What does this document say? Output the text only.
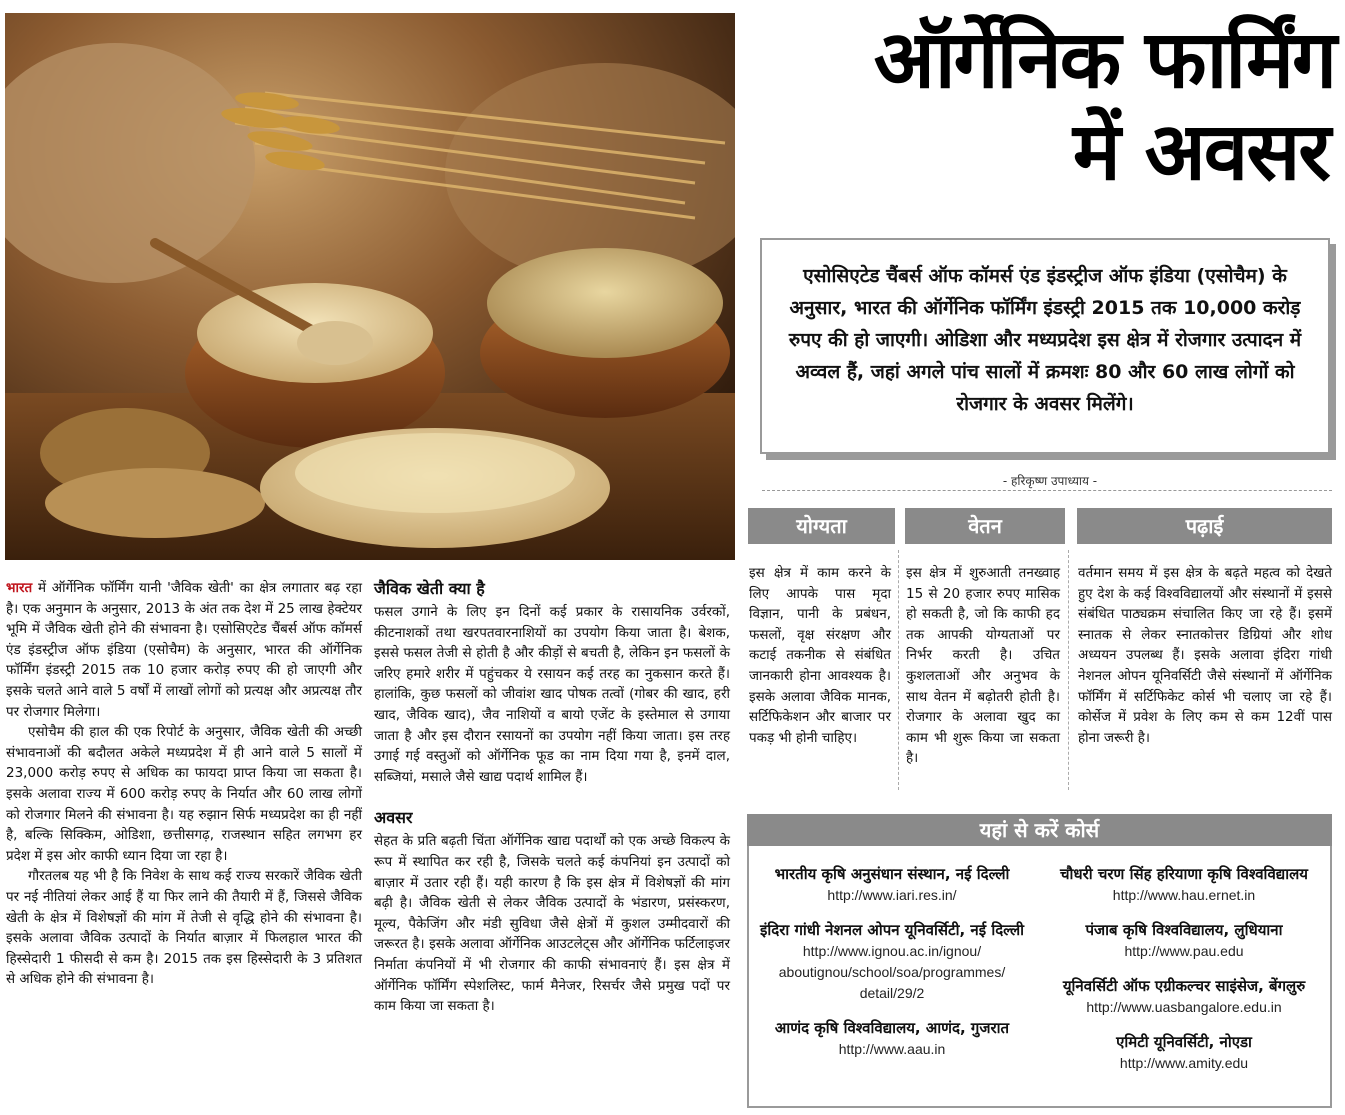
ऑर्गेनिक फार्मिंग
में अवसर

एसोसिएटेड चैंबर्स ऑफ कॉमर्स एंड इंडस्ट्रीज ऑफ इंडिया (एसोचैम) के अनुसार, भारत की ऑर्गेनिक फॉर्मिंग इंडस्ट्री 2015 तक 10,000 करोड़ रुपए की हो जाएगी। ओडिशा और मध्यप्रदेश इस क्षेत्र में रोजगार उत्पादन में अव्वल हैं, जहां अगले पांच सालों में क्रमशः 80 और 60 लाख लोगों को रोजगार के अवसर मिलेंगे।

- हरिकृष्ण उपाध्याय -
योग्यता	वेतन	पढ़ाई

भारत में ऑर्गेनिक फॉर्मिंग यानी 'जैविक खेती' का क्षेत्र लगातार बढ़ रहा है। एक अनुमान के अनुसार, 2013 के अंत तक देश में 25 लाख हेक्टेयर भूमि में जैविक खेती होने की संभावना है। एसोसिएटेड चैंबर्स ऑफ कॉमर्स एंड इंडस्ट्रीज ऑफ इंडिया (एसोचैम) के अनुसार, भारत की ऑर्गेनिक फॉर्मिंग इंडस्ट्री 2015 तक 10 हजार करोड़ रुपए की हो जाएगी और इसके चलते आने वाले 5 वर्षों में लाखों लोगों को प्रत्यक्ष और अप्रत्यक्ष तौर पर रोजगार मिलेगा।

एसोचैम की हाल की एक रिपोर्ट के अनुसार, जैविक खेती की अच्छी संभावनाओं की बदौलत अकेले मध्यप्रदेश में ही आने वाले 5 सालों में 23,000 करोड़ रुपए से अधिक का फायदा प्राप्त किया जा सकता है। इसके अलावा राज्य में 600 करोड़ रुपए के निर्यात और 60 लाख लोगों को रोजगार मिलने की संभावना है। यह रुझान सिर्फ मध्यप्रदेश का ही नहीं है, बल्कि सिक्किम, ओडिशा, छत्तीसगढ़, राजस्थान सहित लगभग हर प्रदेश में इस ओर काफी ध्यान दिया जा रहा है।

गौरतलब यह भी है कि निवेश के साथ कई राज्य सरकारें जैविक खेती पर नई नीतियां लेकर आई हैं या फिर लाने की तैयारी में हैं, जिससे जैविक खेती के क्षेत्र में विशेषज्ञों की मांग में तेजी से वृद्धि होने की संभावना है। इसके अलावा जैविक उत्पादों के निर्यात बाज़ार में फिलहाल भारत की हिस्सेदारी 1 फीसदी से कम है। 2015 तक इस हिस्सेदारी के 3 प्रतिशत से अधिक होने की संभावना है।

जैविक खेती क्या है

फसल उगाने के लिए इन दिनों कई प्रकार के रासायनिक उर्वरकों, कीटनाशकों तथा खरपतवारनाशियों का उपयोग किया जाता है। बेशक, इससे फसल तेजी से होती है और कीड़ों से बचती है, लेकिन इन फसलों के जरिए हमारे शरीर में पहुंचकर ये रसायन कई तरह का नुकसान करते हैं। हालांकि, कुछ फसलों को जीवांश खाद पोषक तत्वों (गोबर की खाद, हरी खाद, जैविक खाद), जैव नाशियों व बायो एजेंट के इस्तेमाल से उगाया जाता है और इस दौरान रसायनों का उपयोग नहीं किया जाता। इस तरह उगाई गई वस्तुओं को ऑर्गेनिक फूड का नाम दिया गया है, इनमें दाल, सब्जियां, मसाले जैसे खाद्य पदार्थ शामिल हैं।

अवसर

सेहत के प्रति बढ़ती चिंता ऑर्गेनिक खाद्य पदार्थों को एक अच्छे विकल्प के रूप में स्थापित कर रही है, जिसके चलते कई कंपनियां इन उत्पादों को बाज़ार में उतार रही हैं। यही कारण है कि इस क्षेत्र में विशेषज्ञों की मांग बढ़ी है। जैविक खेती से लेकर जैविक उत्पादों के भंडारण, प्रसंस्करण, मूल्य, पैकेजिंग और मंडी सुविधा जैसे क्षेत्रों में कुशल उम्मीदवारों की जरूरत है। इसके अलावा ऑर्गेनिक आउटलेट्स और ऑर्गेनिक फर्टिलाइजर निर्माता कंपनियों में भी रोजगार की काफी संभावनाएं हैं। इस क्षेत्र में ऑर्गेनिक फॉर्मिंग स्पेशलिस्ट, फार्म मैनेजर, रिसर्चर जैसे प्रमुख पदों पर काम किया जा सकता है।

इस क्षेत्र में काम करने के लिए आपके पास मृदा विज्ञान, पानी के प्रबंधन, फसलों, वृक्ष संरक्षण और कटाई तकनीक से संबंधित जानकारी होना आवश्यक है। इसके अलावा जैविक मानक, सर्टिफिकेशन और बाजार पर पकड़ भी होनी चाहिए।
इस क्षेत्र में शुरुआती तनख्वाह 15 से 20 हजार रुपए मासिक हो सकती है, जो कि काफी हद तक आपकी योग्यताओं पर निर्भर करती है। उचित कुशलताओं और अनुभव के साथ वेतन में बढ़ोतरी होती है। रोजगार के अलावा खुद का काम भी शुरू किया जा सकता है।
वर्तमान समय में इस क्षेत्र के बढ़ते महत्व को देखते हुए देश के कई विश्वविद्यालयों और संस्थानों में इससे संबंधित पाठ्यक्रम संचालित किए जा रहे हैं। इसमें स्नातक से लेकर स्नातकोत्तर डिग्रियां और शोध अध्ययन उपलब्ध हैं। इसके अलावा इंदिरा गांधी नेशनल ओपन यूनिवर्सिटी जैसे संस्थानों में ऑर्गेनिक फॉर्मिंग में सर्टिफिकेट कोर्स भी चलाए जा रहे हैं। कोर्सेज में प्रवेश के लिए कम से कम 12वीं पास होना जरूरी है।
यहां से करें कोर्स
भारतीय कृषि अनुसंधान संस्थान, नई दिल्ली
http://www.iari.res.in/
इंदिरा गांधी नेशनल ओपन यूनिवर्सिटी, नई दिल्ली
http://www.ignou.ac.in/ignou/
aboutignou/school/soa/programmes/
detail/29/2
आणंद कृषि विश्वविद्यालय, आणंद, गुजरात
http://www.aau.in
चौधरी चरण सिंह हरियाणा कृषि विश्वविद्यालय
http://www.hau.ernet.in
पंजाब कृषि विश्वविद्यालय, लुधियाना
http://www.pau.edu
यूनिवर्सिटी ऑफ एग्रीकल्चर साइंसेज, बेंगलुरु
http://www.uasbangalore.edu.in
एमिटी यूनिवर्सिटी, नोएडा
http://www.amity.edu
